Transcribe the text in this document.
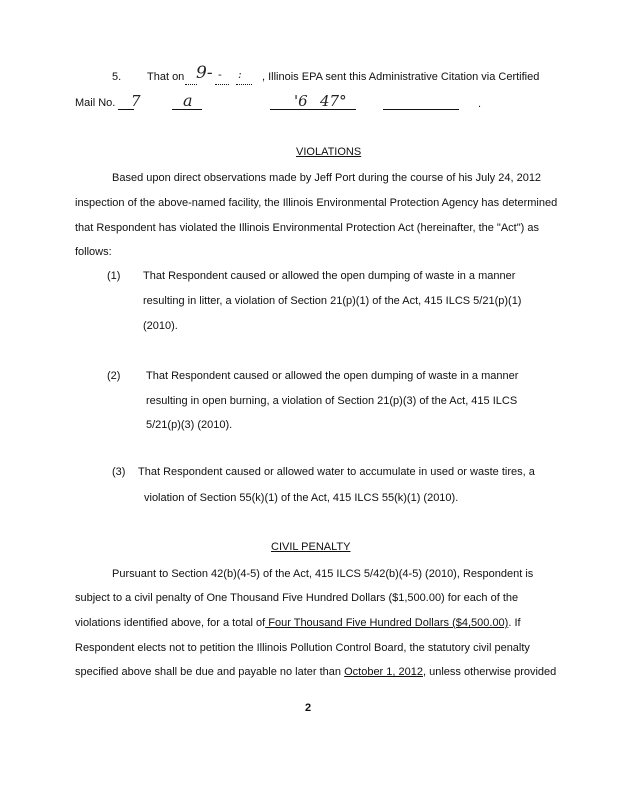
5. That on 9- - : , Illinois EPA sent this Administrative Citation via Certified
Mail No. 7	a	'6 47°	.
VIOLATIONS
Based upon direct observations made by Jeff Port during the course of his July 24, 2012
inspection of the above-named facility, the Illinois Environmental Protection Agency has determined
that Respondent has violated the Illinois Environmental Protection Act (hereinafter, the "Act") as
follows:
(1) That Respondent caused or allowed the open dumping of waste in a manner
resulting in litter, a violation of Section 21(p)(1) of the Act, 415 ILCS 5/21(p)(1)
(2010).
(2) That Respondent caused or allowed the open dumping of waste in a manner
resulting in open burning, a violation of Section 21(p)(3) of the Act, 415 ILCS
5/21(p)(3) (2010).
(3) That Respondent caused or allowed water to accumulate in used or waste tires, a
violation of Section 55(k)(1) of the Act, 415 ILCS 55(k)(1) (2010).
CIVIL PENALTY
Pursuant to Section 42(b)(4-5) of the Act, 415 ILCS 5/42(b)(4-5) (2010), Respondent is
subject to a civil penalty of One Thousand Five Hundred Dollars ($1,500.00) for each of the
violations identified above, for a total of Four Thousand Five Hundred Dollars ($4,500.00). If
Respondent elects not to petition the Illinois Pollution Control Board, the statutory civil penalty
specified above shall be due and payable no later than October 1, 2012, unless otherwise provided
2
